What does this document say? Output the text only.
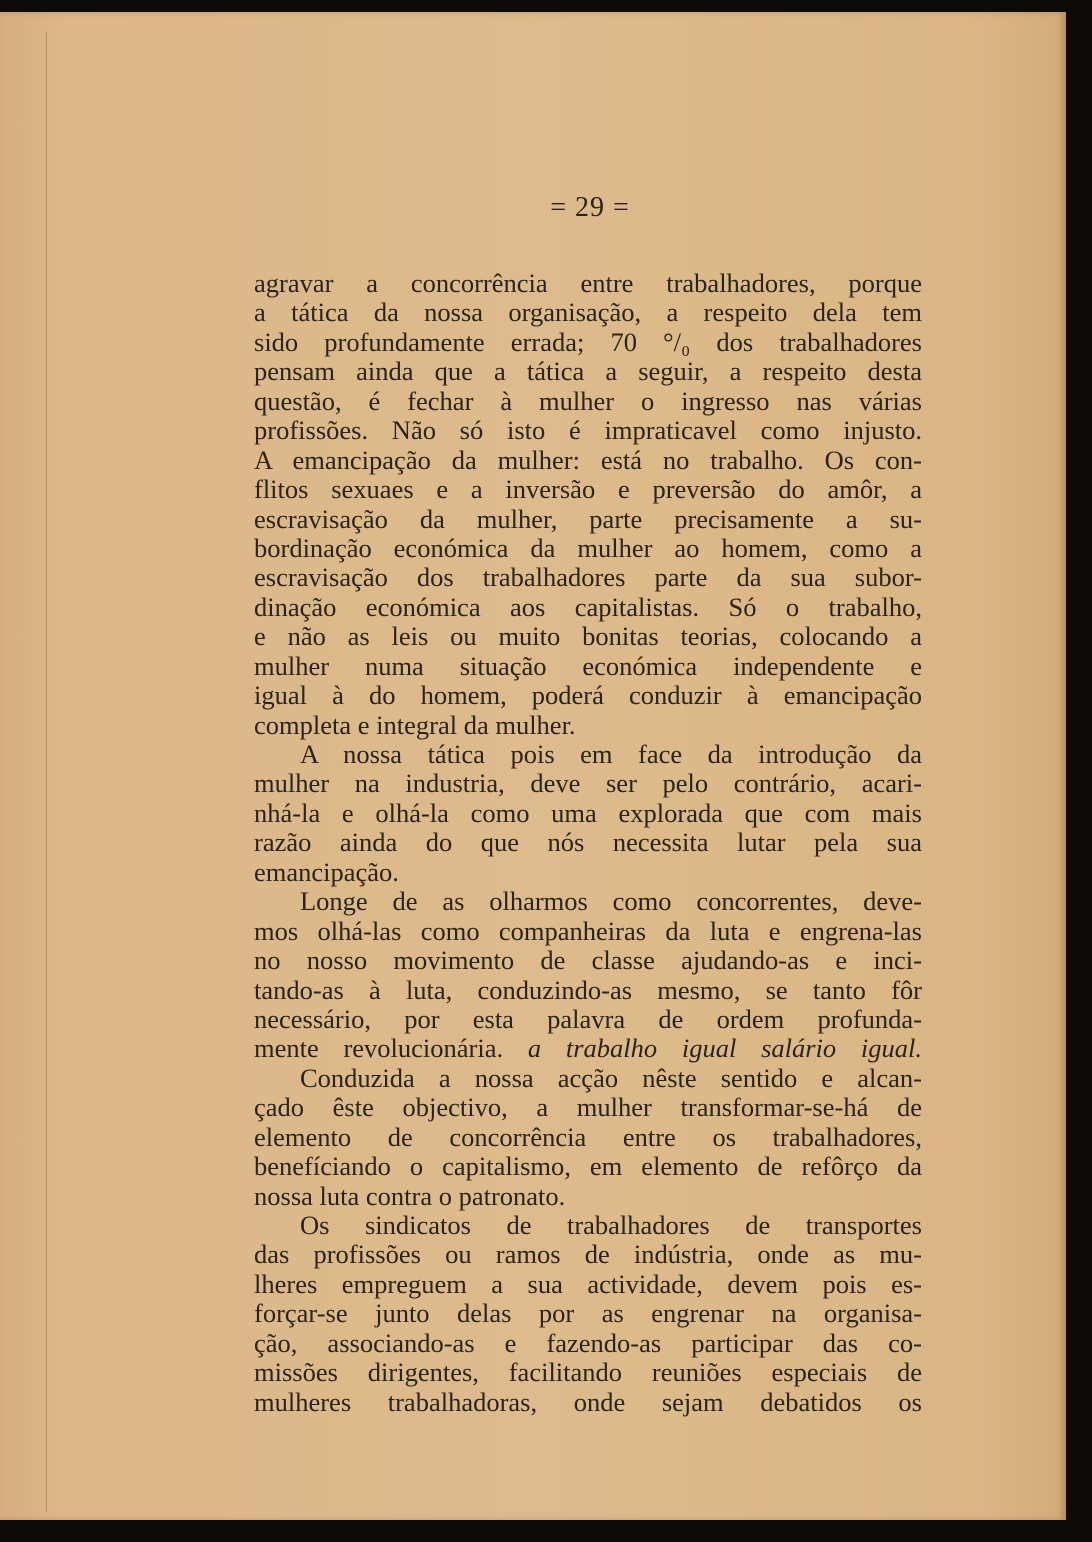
= 29 =
agravar a concorrência entre trabalhadores, porque
a tática da nossa organisação, a respeito dela tem
sido profundamente errada; 70 °/₀ dos trabalhadores
pensam ainda que a tática a seguir, a respeito desta
questão, é fechar à mulher o ingresso nas várias
profissões. Não só isto é impraticavel como injusto.
A emancipação da mulher: está no trabalho. Os con-
flitos sexuaes e a inversão e preversão do amôr, a
escravisação da mulher, parte precisamente a su-
bordinação económica da mulher ao homem, como a
escravisação dos trabalhadores parte da sua subor-
dinação económica aos capitalistas. Só o trabalho,
e não as leis ou muito bonitas teorias, colocando a
mulher numa situação económica independente e
igual à do homem, poderá conduzir à emancipação
completa e integral da mulher.
A nossa tática pois em face da introdução da
mulher na industria, deve ser pelo contrário, acari-
nhá-la e olhá-la como uma explorada que com mais
razão ainda do que nós necessita lutar pela sua
emancipação.
Longe de as olharmos como concorrentes, deve-
mos olhá-las como companheiras da luta e engrena-las
no nosso movimento de classe ajudando-as e inci-
tando-as à luta, conduzindo-as mesmo, se tanto fôr
necessário, por esta palavra de ordem profunda-
mente revolucionária. a trabalho igual salário igual.
Conduzida a nossa acção nêste sentido e alcan-
çado êste objectivo, a mulher transformar-se-há de
elemento de concorrência entre os trabalhadores,
benefíciando o capitalismo, em elemento de refôrço da
nossa luta contra o patronato.
Os sindicatos de trabalhadores de transportes
das profissões ou ramos de indústria, onde as mu-
lheres empreguem a sua actividade, devem pois es-
forçar-se junto delas por as engrenar na organisa-
ção, associando-as e fazendo-as participar das co-
missões dirigentes, facilitando reuniões especiais de
mulheres trabalhadoras, onde sejam debatidos os
